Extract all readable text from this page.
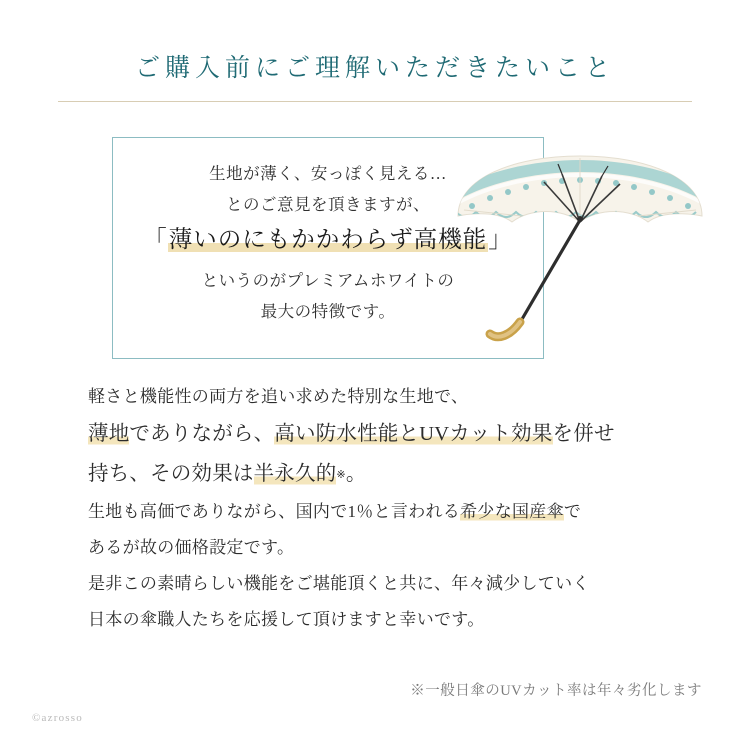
ご購入前にご理解いただきたいこと
生地が薄く、安っぽく見える…
とのご意見を頂きますが、
「薄いのにもかかわらず高機能」
というのがプレミアムホワイトの
最大の特徴です。
軽さと機能性の両方を追い求めた特別な生地で、
薄地でありながら、高い防水性能とUVカット効果を併せ
持ち、その効果は半永久的※。
生地も高価でありながら、国内で1％と言われる希少な国産傘で
あるが故の価格設定です。
是非この素晴らしい機能をご堪能頂くと共に、年々減少していく
日本の傘職人たちを応援して頂けますと幸いです。
※一般日傘のUVカット率は年々劣化します
©azrosso
